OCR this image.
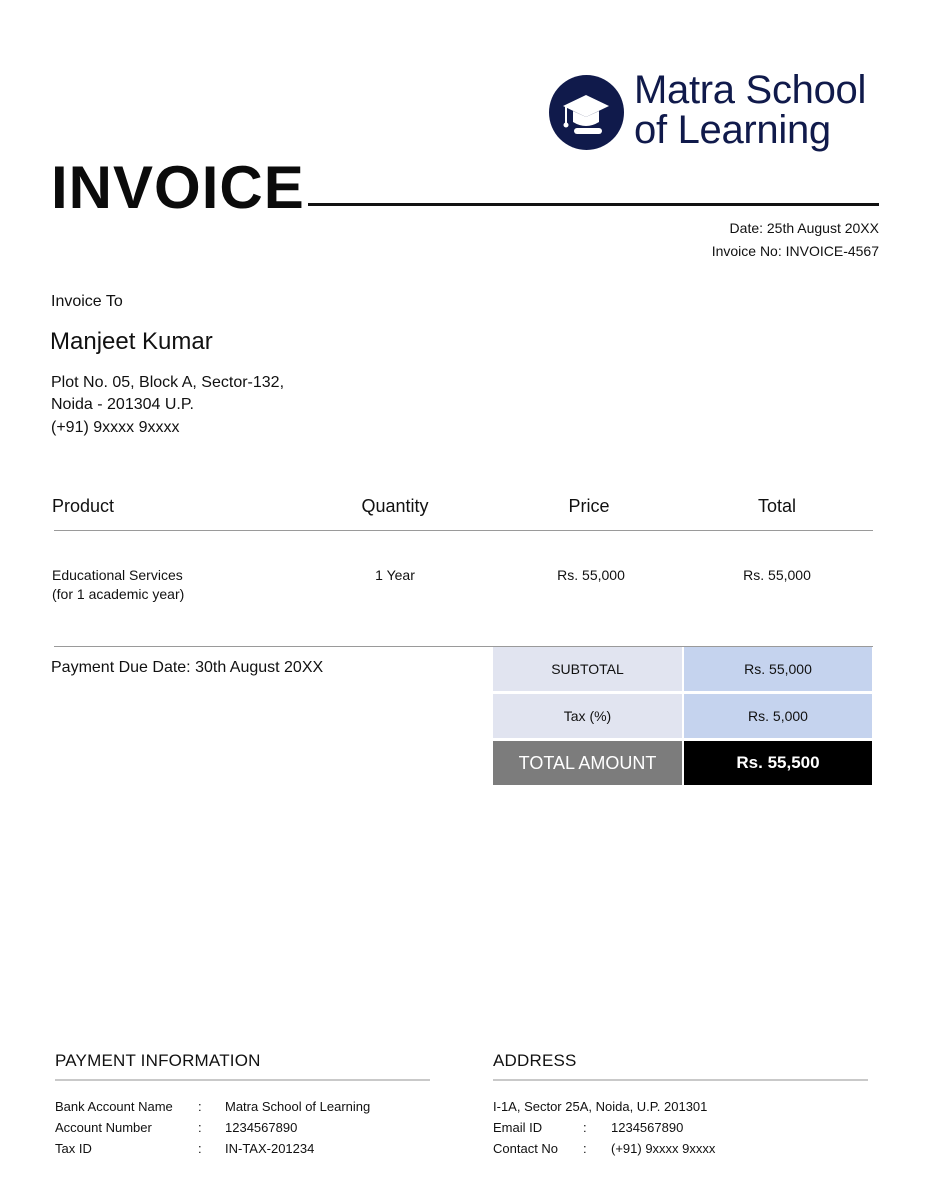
Matra School
of Learning
INVOICE
Date: 25th August 20XX
Invoice No: INVOICE-4567
Invoice To
Manjeet Kumar
Plot No. 05, Block A, Sector-132,
Noida - 201304 U.P.
(+91) 9xxxx 9xxxx
Product	Quantity	Price	Total
Educational Services
(for 1 academic year)
1 Year	Rs. 55,000	Rs. 55,000
Payment Due Date: 30th August 20XX	SUBTOTAL	Rs. 55,000
Tax (%)	Rs. 5,000
TOTAL AMOUNT	Rs. 55,500
PAYMENT INFORMATION
Bank Account Name : Matra School of Learning
Account Number	: 1234567890
Tax ID	: IN-TAX-201234
ADDRESS
I-1A, Sector 25A, Noida, U.P. 201301
Email ID	: 1234567890
Contact No : (+91) 9xxxx 9xxxx
